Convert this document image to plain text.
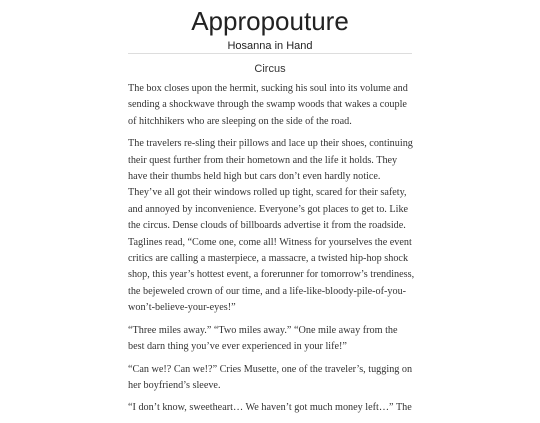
Appropouture
Hosanna in Hand
Circus

The box closes upon the hermit, sucking his soul into its volume and sending a shockwave through the swamp woods that wakes a couple of hitchhikers who are sleeping on the side of the road.

The travelers re-sling their pillows and lace up their shoes, continuing their quest further from their hometown and the life it holds. They have their thumbs held high but cars don’t even hardly notice. They’ve all got their windows rolled up tight, scared for their safety, and annoyed by inconvenience. Everyone’s got places to get to. Like the circus. Dense clouds of billboards advertise it from the roadside. Taglines read, “Come one, come all! Witness for yourselves the event critics are calling a masterpiece, a massacre, a twisted hip-hop shock shop, this year’s hottest event, a forerunner for tomorrow’s trendiness, the bejeweled crown of our time, and a life-like-bloody-pile-of-you-won’t-believe-your-eyes!”

“Three miles away.” “Two miles away.” “One mile away from the best darn thing you’ve ever experienced in your life!”

“Can we!? Can we!?” Cries Musette, one of the traveler’s, tugging on her boyfriend’s sleeve.

“I don’t know, sweetheart… We haven’t got much money left…” The
